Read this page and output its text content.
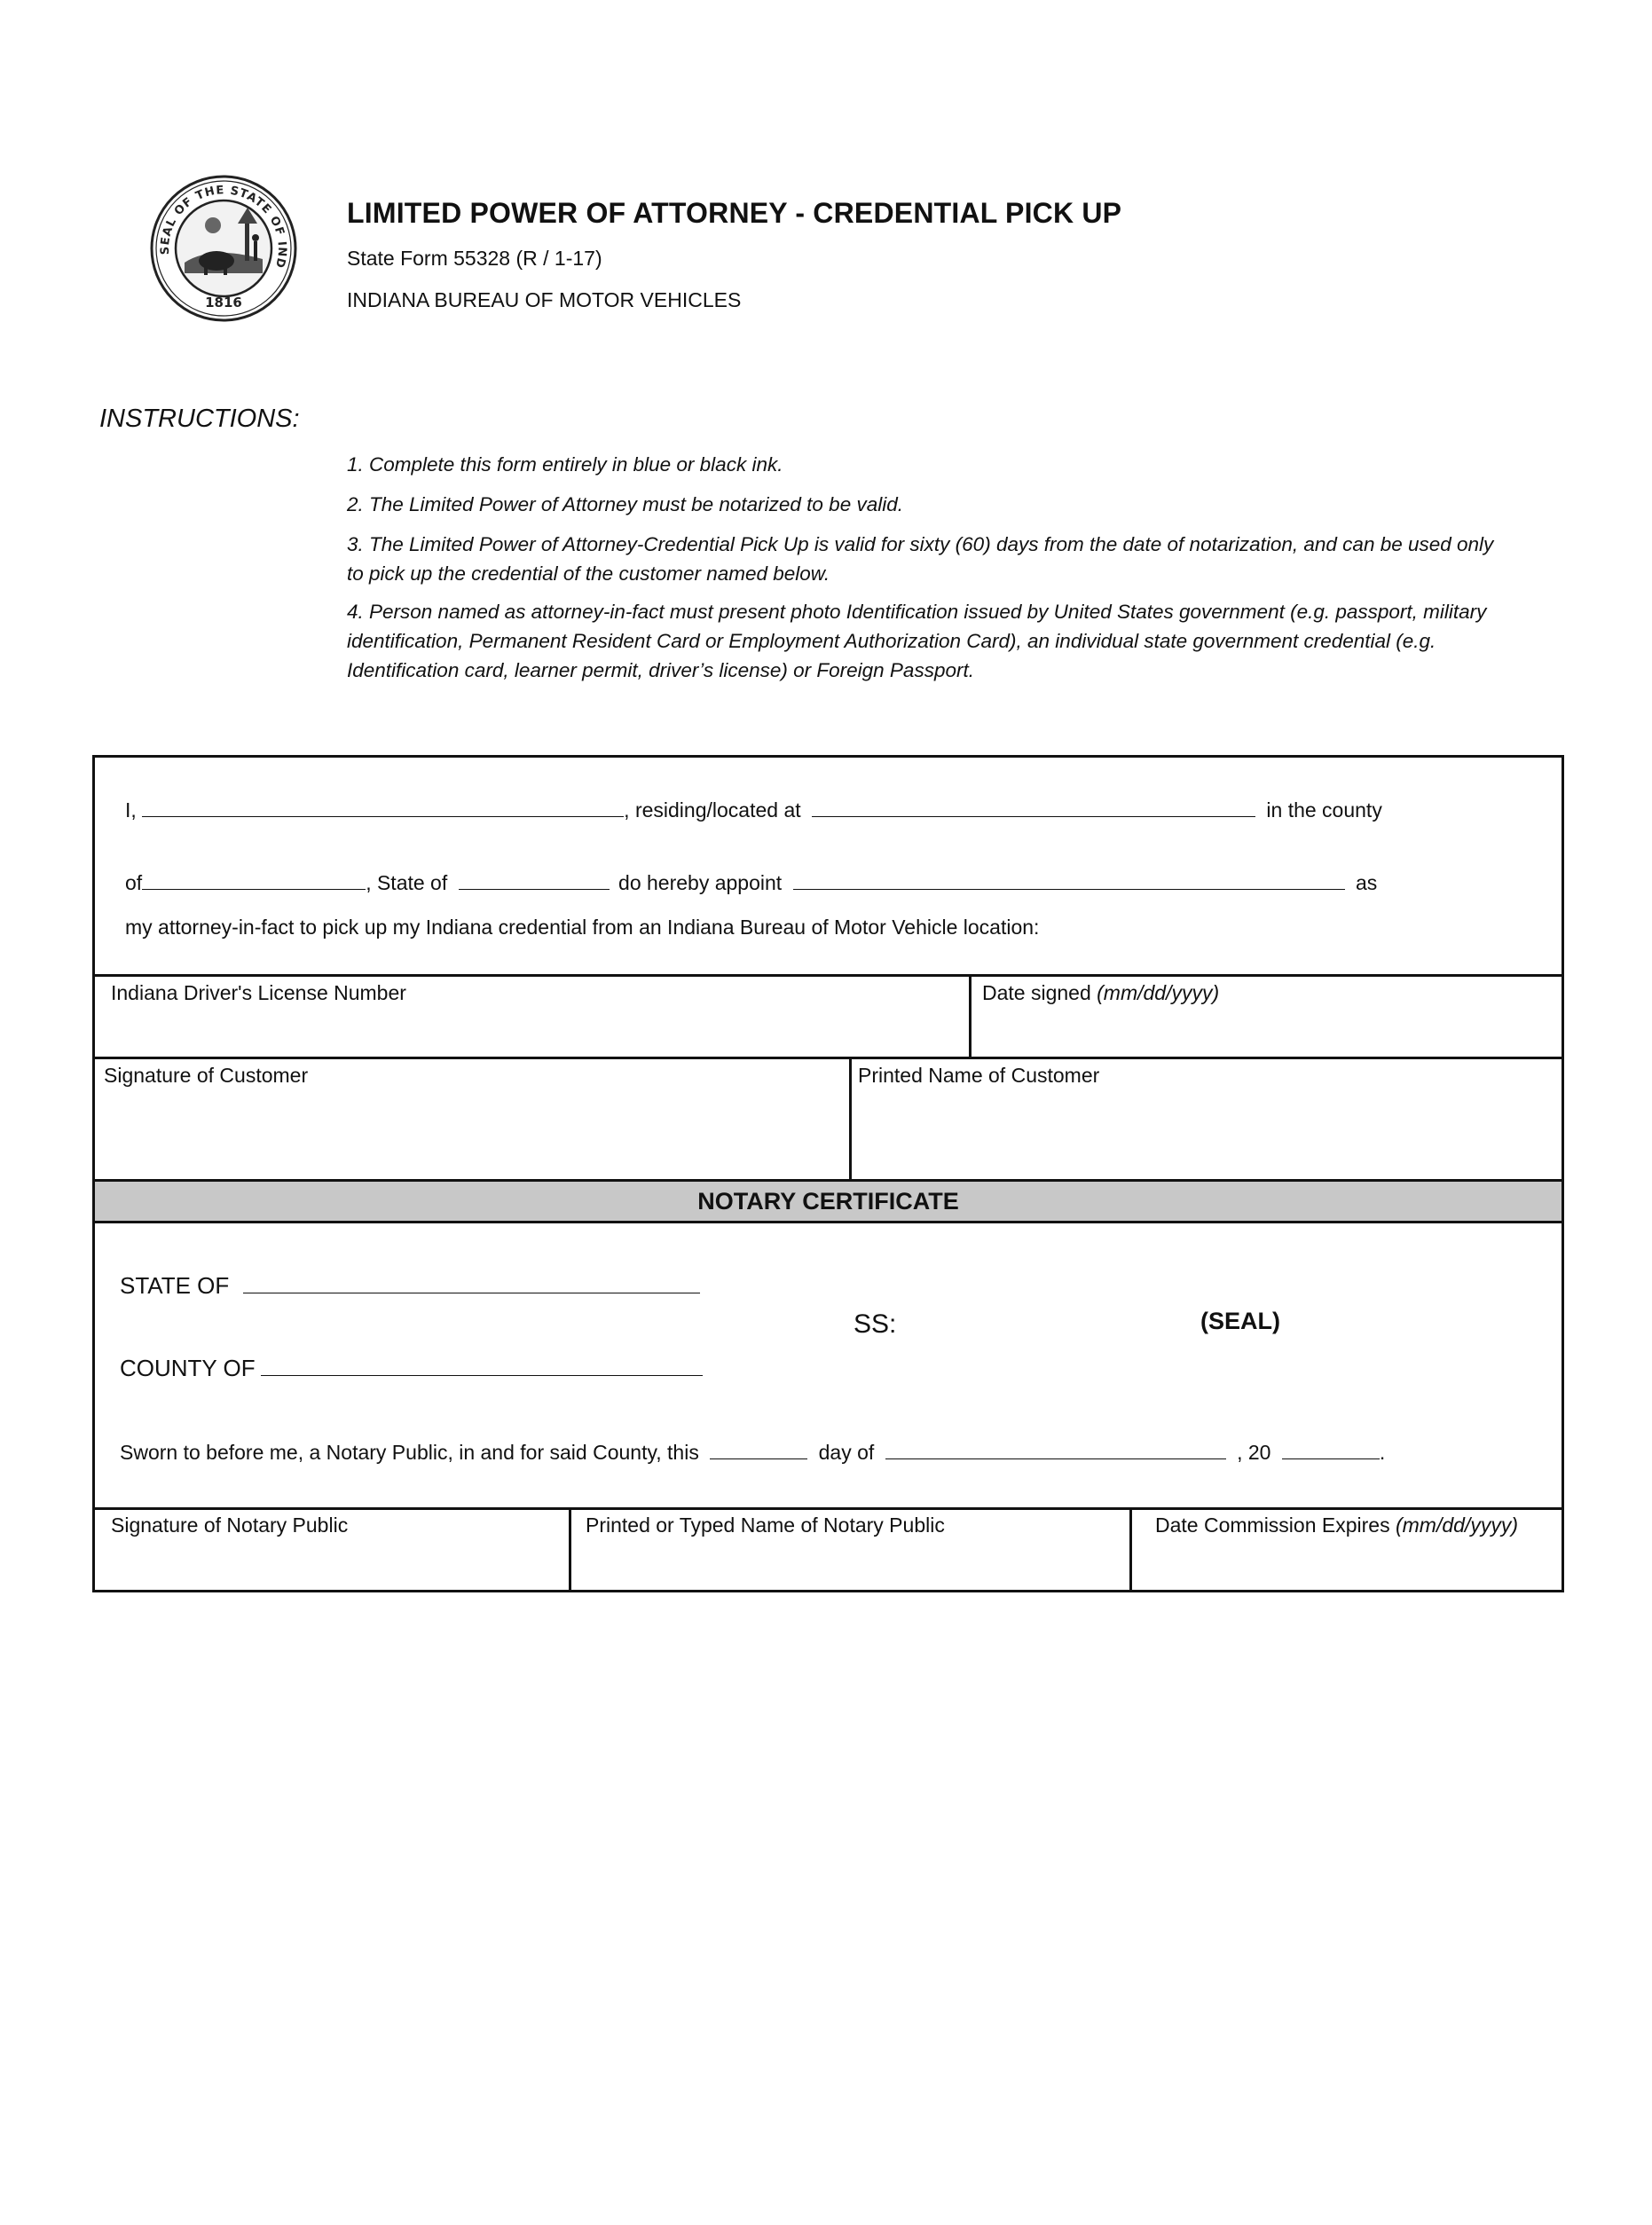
SEAL OF THE STATE OF IND
1816
LIMITED POWER OF ATTORNEY - CREDENTIAL PICK UP
State Form 55328 (R / 1-17)
INDIANA BUREAU OF MOTOR VEHICLES
INSTRUCTIONS:
1. Complete this form entirely in blue or black ink.
2. The Limited Power of Attorney must be notarized to be valid.
3. The Limited Power of Attorney-Credential Pick Up is valid for sixty (60) days from the date of notarization, and can be used only to pick up the credential of the customer named below.
4. Person named as attorney-in-fact must present photo Identification issued by United States government (e.g. passport, military identification, Permanent Resident Card or Employment Authorization Card), an individual state government credential (e.g. Identification card, learner permit, driver’s license) or Foreign Passport.
I,	, residing/located at	in the county
of	, State of	do hereby appoint	as
my attorney-in-fact to pick up my Indiana credential from an Indiana Bureau of Motor Vehicle location:
Indiana Driver's License Number	Date signed (mm/dd/yyyy)
Signature of Customer	Printed Name of Customer
NOTARY CERTIFICATE
STATE OF
SS:	(SEAL)
COUNTY OF
Sworn to before me, a Notary Public, in and for said County, this	day of	, 20	.
Signature of Notary Public	Printed or Typed Name of Notary Public	Date Commission Expires (mm/dd/yyyy)
